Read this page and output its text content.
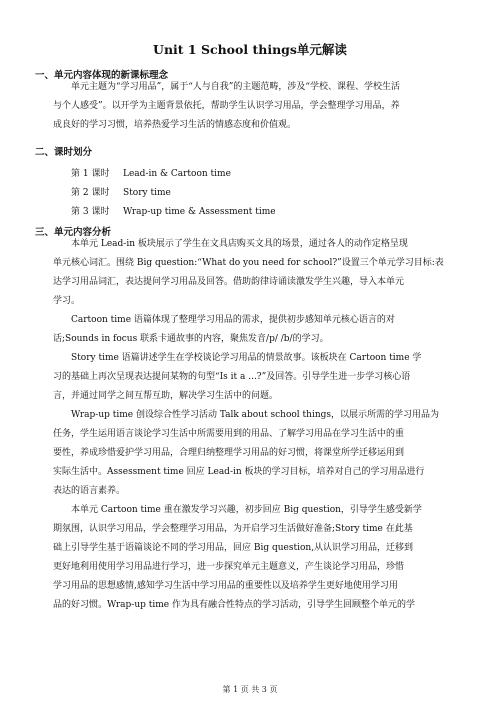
Unit 1 School things单元解读
一、单元内容体现的新课标理念
单元主题为“学习用品”，属于“人与自我”的主题范畴，涉及“学校、课程、学校生活
与个人感受”。以开学为主题背景依托，帮助学生认识学习用品，学会整理学习用品，养
成良好的学习习惯，培养热爱学习生活的情感态度和价值观。
二、课时划分
第 1 课时 Lead-in & Cartoon time
第 2 课时 Story time
第 3 课时 Wrap-up time & Assessment time
三、单元内容分析
本单元 Lead-in 板块展示了学生在文具店购买文具的场景，通过各人的动作定格呈现
单元核心词汇。围绕 Big question:“What do you need for school?”设置三个单元学习目标:表
达学习用品词汇，表达提问学习用品及回答。借助韵律诗诵读激发学生兴趣，导入本单元
学习。
Cartoon time 语篇体现了整理学习用品的需求，提供初步感知单元核心语言的对
话;Sounds in focus 联系卡通故事的内容，聚焦发音/p/ /b/的学习。
Story time 语篇讲述学生在学校谈论学习用品的情景故事。该板块在 Cartoon time 学
习的基础上再次呈现表达提问某物的句型“Is it a ...?”及回答。引导学生进一步学习核心语
言，并通过同学之间互帮互助，解决学习生活中的问题。
Wrap-up time 创设综合性学习活动 Talk about school things，以展示所需的学习用品为
任务，学生运用语言谈论学习生活中所需要用到的用品、了解学习用品在学习生活中的重
要性，养成珍惜爱护学习用品，合理归纳整理学习用品的好习惯，将课堂所学迁移运用到
实际生活中。Assessment time 回应 Lead-in 板块的学习目标，培养对自己的学习用品进行
表达的语言素养。
本单元 Cartoon time 重在激发学习兴趣，初步回应 Big question，引导学生感受新学
期氛围，认识学习用品，学会整理学习用品，为开启学习生活做好准备;Story time 在此基
础上引导学生基于语篇谈论不同的学习用品，回应 Big question,从认识学习用品，迁移到
更好地利用使用学习用品进行学习，进一步探究单元主题意义，产生谈论学习用品，珍惜
学习用品的思想感情,感知学习生活中学习用品的重要性以及培养学生更好地使用学习用
品的好习惯。Wrap-up time 作为具有融合性特点的学习活动，引导学生回顾整个单元的学
第 1 页 共 3 页
